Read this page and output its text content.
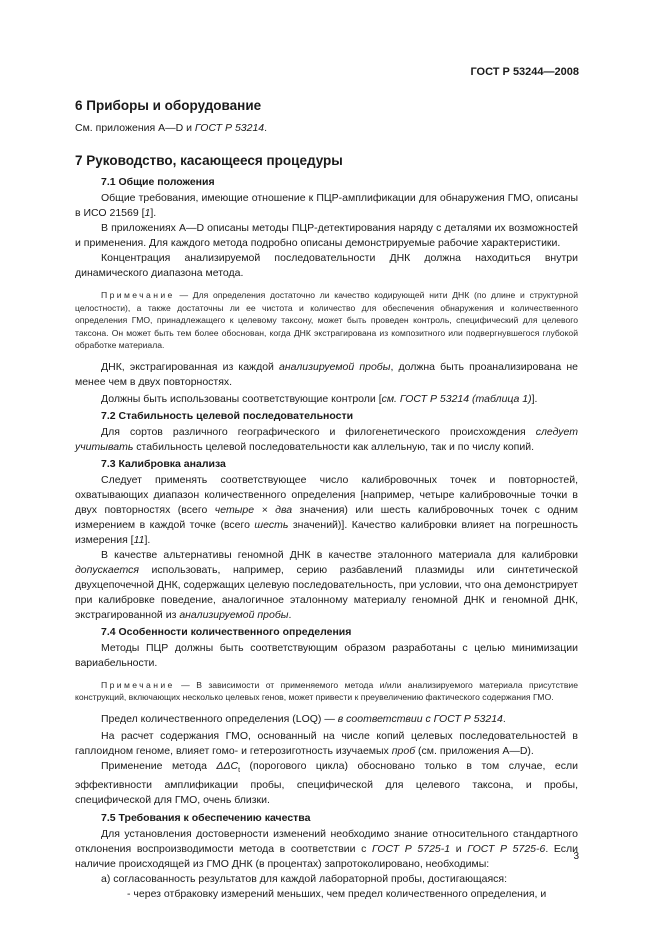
ГОСТ Р 53244—2008
6 Приборы и оборудование

См. приложения А—D и ГОСТ Р 53214.

7 Руководство, касающееся процедуры
7.1 Общие положения

Общие требования, имеющие отношение к ПЦР-амплификации для обнаружения ГМО, описаны в ИСО 21569 [1].

В приложениях А—D описаны методы ПЦР-детектирования наряду с деталями их возможностей и применения. Для каждого метода подробно описаны демонстрируемые рабочие характеристики.

Концентрация анализируемой последовательности ДНК должна находиться внутри динамического диапазона метода.

Примечание — Для определения достаточно ли качество кодирующей нити ДНК (по длине и структурной целостности), а также достаточны ли ее чистота и количество для обеспечения обнаружения и количественного определения ГМО, принадлежащего к целевому таксону, может быть проведен контроль, специфический для целевого таксона. Он может быть тем более обоснован, когда ДНК экстрагирована из композитного или подвергнувшегося глубокой обработке материала.

ДНК, экстрагированная из каждой анализируемой пробы, должна быть проанализирована не менее чем в двух повторностях.

Должны быть использованы соответствующие контроли [см. ГОСТ Р 53214 (таблица 1)].

7.2 Стабильность целевой последовательности

Для сортов различного географического и филогенетического происхождения следует учитывать стабильность целевой последовательности как аллельную, так и по числу копий.

7.3 Калибровка анализа

Следует применять соответствующее число калибровочных точек и повторностей, охватывающих диапазон количественного определения [например, четыре калибровочные точки в двух повторностях (всего четыре × два значения) или шесть калибровочных точек с одним измерением в каждой точке (всего шесть значений)]. Качество калибровки влияет на погрешность измерения [11].

В качестве альтернативы геномной ДНК в качестве эталонного материала для калибровки допускается использовать, например, серию разбавлений плазмиды или синтетической двухцепочечной ДНК, содержащих целевую последовательность, при условии, что она демонстрирует при калибровке поведение, аналогичное эталонному материалу геномной ДНК и геномной ДНК, экстрагированной из анализируемой пробы.

7.4 Особенности количественного определения

Методы ПЦР должны быть соответствующим образом разработаны с целью минимизации вариабельности.

Примечание — В зависимости от применяемого метода и/или анализируемого материала присутствие конструкций, включающих несколько целевых генов, может привести к преувеличению фактического содержания ГМО.

Предел количественного определения (LOQ) — в соответствии с ГОСТ Р 53214.

На расчет содержания ГМО, основанный на числе копий целевых последовательностей в гаплоидном геноме, влияет гомо- и гетерозиготность изучаемых проб (см. приложения А—D).

Применение метода $\Delta\Delta C_t$ (порогового цикла) обосновано только в том случае, если эффективности амплификации пробы, специфической для целевого таксона, и пробы, специфической для ГМО, очень близки.

7.5 Требования к обеспечению качества

Для установления достоверности изменений необходимо знание относительного стандартного отклонения воспроизводимости метода в соответствии с ГОСТ Р 5725-1 и ГОСТ Р 5725-6. Если наличие происходящей из ГМО ДНК (в процентах) запротоколировано, необходимы:

а) согласованность результатов для каждой лабораторной пробы, достигающаяся:

- через отбраковку измерений меньших, чем предел количественного определения, и

3
